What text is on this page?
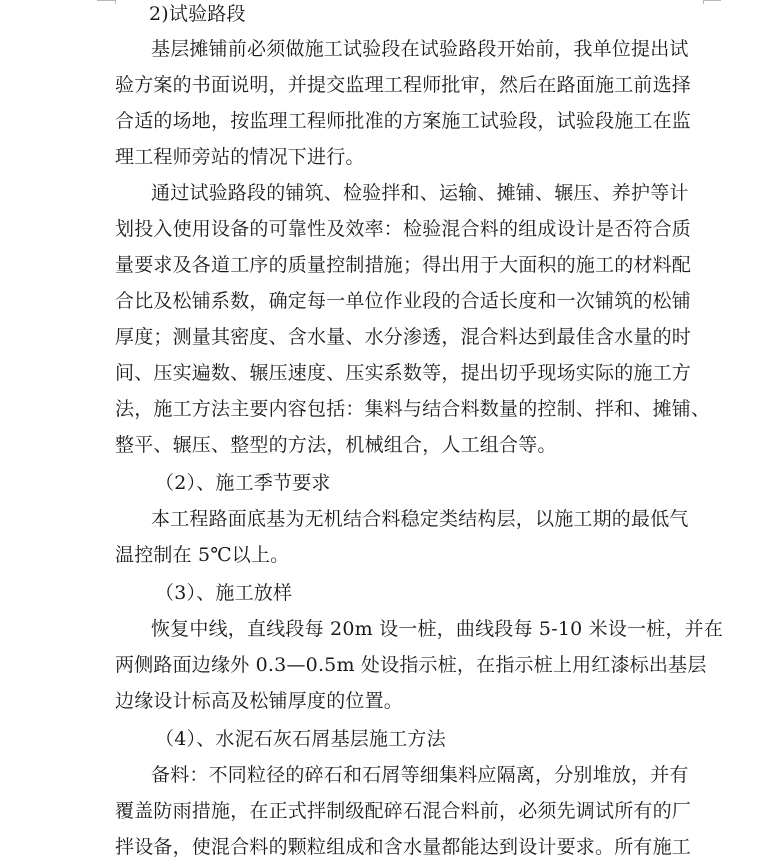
2)试验路段
基层摊铺前必须做施工试验段在试验路段开始前，我单位提出试
验方案的书面说明，并提交监理工程师批审，然后在路面施工前选择
合适的场地，按监理工程师批准的方案施工试验段，试验段施工在监
理工程师旁站的情况下进行。
通过试验路段的铺筑、检验拌和、运输、摊铺、辗压、养护等计
划投入使用设备的可靠性及效率：检验混合料的组成设计是否符合质
量要求及各道工序的质量控制措施；得出用于大面积的施工的材料配
合比及松铺系数，确定每一单位作业段的合适长度和一次铺筑的松铺
厚度；测量其密度、含水量、水分渗透，混合料达到最佳含水量的时
间、压实遍数、辗压速度、压实系数等，提出切乎现场实际的施工方
法，施工方法主要内容包括：集料与结合料数量的控制、拌和、摊铺、
整平、辗压、整型的方法，机械组合，人工组合等。
（2）、施工季节要求
本工程路面底基为无机结合料稳定类结构层，以施工期的最低气
温控制在 5℃以上。
（3）、施工放样
恢复中线，直线段每 20m 设一桩，曲线段每 5-10 米设一桩，并在
两侧路面边缘外 0.3—0.5m 处设指示桩，在指示桩上用红漆标出基层
边缘设计标高及松铺厚度的位置。
（4）、水泥石灰石屑基层施工方法
备料：不同粒径的碎石和石屑等细集料应隔离，分别堆放，并有
覆盖防雨措施，在正式拌制级配碎石混合料前，必须先调试所有的厂
拌设备，使混合料的颗粒组成和含水量都能达到设计要求。所有施工
